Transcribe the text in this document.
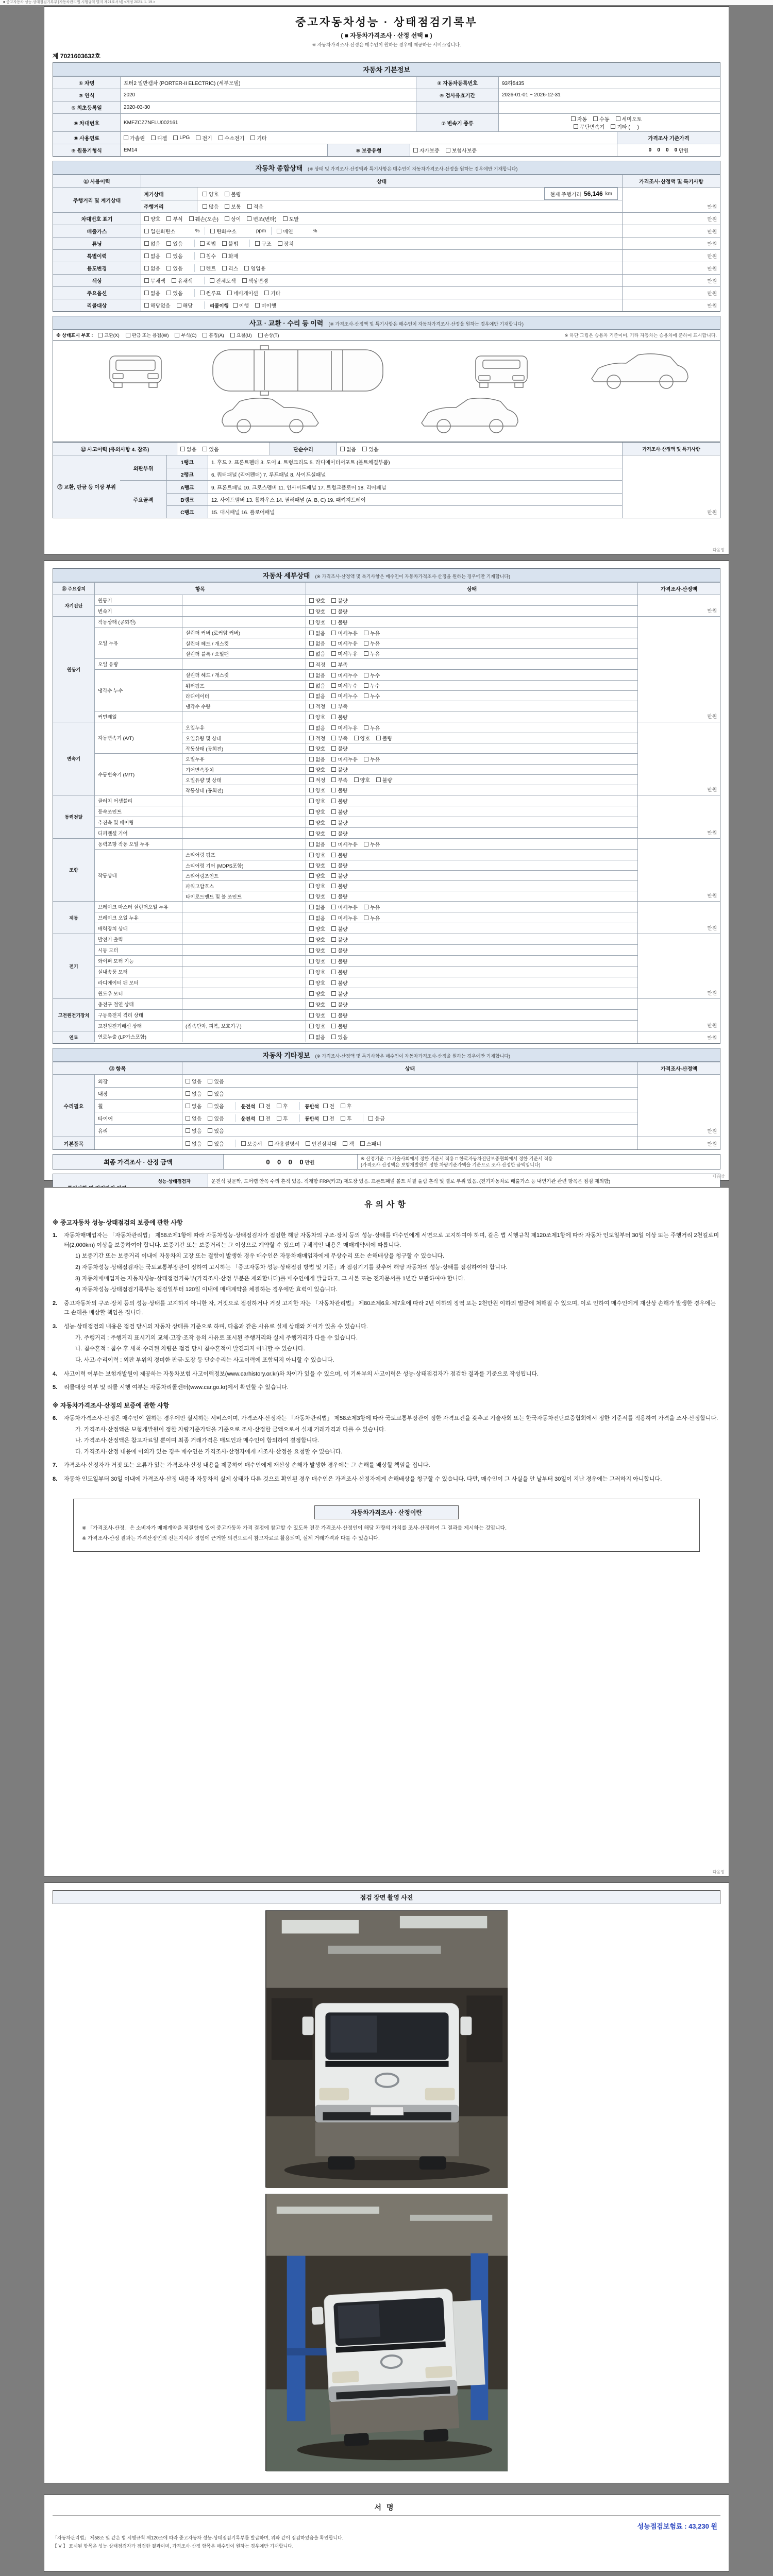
■ 중고자동차 성능·상태점검기록부 [자동차관리법 시행규칙 별지 제21호서식] <개정 2021. 1. 19.>
중고자동차성능 · 상태점검기록부
( ■ 자동차가격조사 · 산정 선택 ■ )
※ 자동차가격조사·산정은 매수인이 원하는 경우에 제공하는 서비스입니다.
제 7021603632호
자동차 기본정보
① 차명	포터2 일반캡차 (PORTER-II ELECTRIC) (세부모델)	② 자동차등록번호	93하5435
③ 연식	2020	④ 검사유효기간	2026-01-01 ~ 2026-12-31
⑤ 최초등록일	2020-03-30
⑥ 차대번호	KMFZCZ7NFLU002161	⑦ 변속기 종류
자동 수동 세미오토
무단변속기 기타 (     )
⑧ 사용연료	가솔린 디젤 LPG 전기 수소전기 기타	가격조사 기준가격
⑨ 원동기형식	EM14	⑩ 보증유형	자가보증 보험사보증	0    0    0    0
만원
자동차 종합상태 (※ 상태 및 가격조사·산정액과 특기사항은 매수인이 자동차가격조사·산정을 원하는 경우에만 기재합니다)
⑪ 사용이력	상태	가격조사·산정액 및 특기사항
주행거리 및 계기상태
계기상태	양호 불량	현재 주행거리 56,146 km
주행거리	많음 보통 적음	만원
차대번호 표기	양호 부식 훼손(오손) 상이 변조(변타) 도말	만원
배출가스	일산화탄소	%	탄화수소	ppm	매연	%	만원
튜닝	없음 있음	적법 불법	구조 장치	만원
특별이력	없음 있음	침수 화재	만원
용도변경	없음 있음	렌트 리스 영업용	만원
색상	무채색 유채색	전체도색 색상변경	만원
주요옵션	없음 있음	썬루프 네비게이션 기타	만원
리콜대상	해당없음 해당	리콜이행 이행 미이행	만원
사고 · 교환 · 수리 등 이력 (※ 가격조사·산정액 및 특기사항은 매수인이 자동차가격조사·산정을 원하는 경우에만 기재합니다)
※ 상태표시 부호 : 교환(X)	판금 또는 용접(W)	부식(C)	흠집(A)	요철(U)	손상(T)	※ 하단 그림은 승용차 기준이며, 기타 자동차는 승용차에 준하여 표시합니다.
⑫ 사고이력 (유의사항 4. 참조)	없음 있음	단순수리	없음 있음	가격조사·산정액 및 특기사항
⑬ 교환, 판금 등 이상 부위
외판부위
1랭크	1. 후드 2. 프론트펜더 3. 도어 4. 트렁크리드 5. 라디에이터서포트 (볼트체결부품)
2랭크	6. 쿼터패널 (리어펜더) 7. 루프패널 8. 사이드실패널
주요골격
A랭크	9. 프론트패널 10. 크로스멤버 11. 인사이드패널 17. 트렁크플로어 18. 리어패널
B랭크	12. 사이드멤버 13. 휠하우스 14. 필러패널 (A, B, C) 19. 패키지트레이
C랭크	15. 대시패널 16. 플로어패널	만원
다음장
자동차 세부상태 (※ 가격조사·산정액 및 특기사항은 매수인이 자동차가격조사·산정을 원하는 경우에만 기재합니다)
⑭ 주요장치	항목	상태	가격조사·산정액
자기진단
원동기	양호 불량
변속기	양호 불량	만원
원동기
작동상태 (공회전)	양호 불량
오일 누유
실린더 커버 (로커암 커버)	없음 미세누유 누유
실린더 헤드 / 개스킷	없음 미세누유 누유
실린더 블록 / 오일팬	없음 미세누유 누유
오일 유량	적정 부족
냉각수 누수
실린더 헤드 / 개스킷	없음 미세누수 누수
워터펌프	없음 미세누수 누수
라디에이터	없음 미세누수 누수
냉각수 수량	적정 부족
커먼레일	양호 불량	만원
변속기
자동변속기 (A/T)
오일누유	없음 미세누유 누유
오일유량 및 상태	적정 부족 양호 불량
작동상태 (공회전)	양호 불량
수동변속기 (M/T)
오일누유	없음 미세누유 누유
기어변속장치	양호 불량
오일유량 및 상태	적정 부족 양호 불량
작동상태 (공회전)	양호 불량	만원
동력전달
클러치 어셈블리	양호 불량
등속조인트	양호 불량
추진축 및 베어링	양호 불량
디퍼렌셜 기어	양호 불량	만원
조향
동력조향 작동 오일 누유	없음 미세누유 누유
작동상태
스티어링 펌프	양호 불량
스티어링 기어 (MDPS포함)	양호 불량
스티어링조인트	양호 불량
파워고압호스	양호 불량
타이로드엔드 및 볼 조인트	양호 불량	만원
제동
브레이크 마스터 실린더오일 누유	없음 미세누유 누유
브레이크 오일 누유	없음 미세누유 누유
배력장치 상태	양호 불량	만원
전기
발전기 출력	양호 불량
시동 모터	양호 불량
와이퍼 모터 기능	양호 불량
실내송풍 모터	양호 불량
라디에이터 팬 모터	양호 불량
윈도우 모터	양호 불량	만원
고전원전기장치
충전구 절연 상태	양호 불량
구동축전지 격리 상태	양호 불량
고전원전기배선 상태	(접속단자, 피복, 보호기구)	양호 불량	만원
연료	연료누출 (LP가스포함)	없음 있음	만원
자동차 기타정보 (※ 가격조사·산정액 및 특기사항은 매수인이 자동차가격조사·산정을 원하는 경우에만 기재합니다)
⑮ 항목	상태	가격조사·산정액
수리필요
외장	없음 있음
내장	없음 있음
휠	없음 있음	운전석 전 후	동반석 전 후
타이어	없음 있음	운전석 전 후	동반석 전 후	응급
유리	없음 있음	만원
기본품목	없음 있음	보증서 사용설명서 안전삼각대 잭 스패너	만원
최종 가격조사 · 산정 금액	0    0    0    0
만원
※ 산정기준 : □ 기술사회에서 정한 기준서 적용 □ 한국자동차진단보증협회에서 정한 기준서 적용
(가격조사·산정액은 보험개발원이 정한 차량기준가액을 기준으로 조사·산정한 금액입니다)
성능·상태점검자	운전석 뒷문짝, 도어캡 안쪽 수리 흔적 있음. 적재함 FRP(카고) 재도장 있음. 프론트패널 볼트 체결 풀림 흔적 및 결로 부위 있음. (전기자동차로 배출가스 등 내연기관 관련 항목은 점검 제외함)
다음장
유의사항
※ 중고자동차 성능·상태점검의 보증에 관한 사항
1.	자동차매매업자는 「자동차관리법」 제58조제1항에 따라 자동차성능·상태점검자가 점검한 해당 자동차의 구조·장치 등의 성능·상태를 매수인에게 서면으로 고지하여야 하며, 같은 법 시행규칙 제120조제1항에 따라 자동차 인도일부터 30일 이상 또는 주행거리 2천킬로미터(2,000km) 이상을 보증하여야 합니다. 보증기간 또는 보증거리는 그 이상으로 계약할 수 있으며 구체적인 내용은 매매계약서에 따릅니다.
1) 보증기간 또는 보증거리 이내에 자동차의 고장 또는 결함이 발생한 경우 매수인은 자동차매매업자에게 무상수리 또는 손해배상을 청구할 수 있습니다.
2) 자동차성능·상태점검자는 국토교통부장관이 정하여 고시하는 「중고자동차 성능·상태점검 방법 및 기준」과 점검기기를 갖추어 해당 자동차의 성능·상태를 점검하여야 합니다.
3) 자동차매매업자는 자동차성능·상태점검기록부(가격조사·산정 부분은 제외합니다)를 매수인에게 발급하고, 그 사본 또는 전자문서를 1년간 보관하여야 합니다.
4) 자동차성능·상태점검기록부는 점검일부터 120일 이내에 매매계약을 체결하는 경우에만 효력이 있습니다.
2.	중고자동차의 구조·장치 등의 성능·상태를 고지하지 아니한 자, 거짓으로 점검하거나 거짓 고지한 자는 「자동차관리법」 제80조제6호·제7호에 따라 2년 이하의 징역 또는 2천만원 이하의 벌금에 처해질 수 있으며, 이로 인하여 매수인에게 재산상 손해가 발생한 경우에는 그 손해를 배상할 책임을 집니다.
3.	성능·상태점검의 내용은 점검 당시의 자동차 상태를 기준으로 하며, 다음과 같은 사유로 실제 상태와 차이가 있을 수 있습니다.
가. 주행거리 : 주행거리 표시기의 교체·고장·조작 등의 사유로 표시된 주행거리와 실제 주행거리가 다를 수 있습니다.
나. 침수흔적 : 침수 후 세척·수리된 차량은 점검 당시 침수흔적이 발견되지 아니할 수 있습니다.
다. 사고·수리이력 : 외판 부위의 경미한 판금·도장 등 단순수리는 사고이력에 포함되지 아니할 수 있습니다.
4.	사고이력 여부는 보험개발원이 제공하는 자동차보험 사고이력정보(www.carhistory.or.kr)와 차이가 있을 수 있으며, 이 기록부의 사고이력은 성능·상태점검자가 점검한 결과를 기준으로 작성됩니다.
5.	리콜대상 여부 및 리콜 시행 여부는 자동차리콜센터(www.car.go.kr)에서 확인할 수 있습니다.
※ 자동차가격조사·산정의 보증에 관한 사항
6.	자동차가격조사·산정은 매수인이 원하는 경우에만 실시하는 서비스이며, 가격조사·산정자는 「자동차관리법」 제58조제3항에 따라 국토교통부장관이 정한 자격요건을 갖추고 기술사회 또는 한국자동차진단보증협회에서 정한 기준서를 적용하여 가격을 조사·산정합니다.
가. 가격조사·산정액은 보험개발원이 정한 차량기준가액을 기준으로 조사·산정한 금액으로서 실제 거래가격과 다를 수 있습니다.
나. 가격조사·산정액은 참고자료일 뿐이며 최종 거래가격은 매도인과 매수인이 합의하여 결정합니다.
다. 가격조사·산정 내용에 이의가 있는 경우 매수인은 가격조사·산정자에게 재조사·산정을 요청할 수 있습니다.
7.	가격조사·산정자가 거짓 또는 오류가 있는 가격조사·산정 내용을 제공하여 매수인에게 재산상 손해가 발생한 경우에는 그 손해를 배상할 책임을 집니다.
8.	자동차 인도일부터 30일 이내에 가격조사·산정 내용과 자동차의 실제 상태가 다른 것으로 확인된 경우 매수인은 가격조사·산정자에게 손해배상을 청구할 수 있습니다. 다만, 매수인이 그 사실을 안 날부터 30일이 지난 경우에는 그러하지 아니합니다.
자동차가격조사 · 산정이란
※ 「가격조사·산정」은 소비자가 매매계약을 체결함에 있어 중고자동차 가격 결정에 참고할 수 있도록 전문 가격조사·산정인이 해당 차량의 가치를 조사·산정하여 그 결과를 제시하는 것입니다.
※ 가격조사·산정 결과는 가격산정인의 전문지식과 경험에 근거한 의견으로서 참고자료로 활용되며, 실제 거래가격과 다를 수 있습니다.
다음장
점검 장면 촬영 사진
서명
성능점검보험료 : 43,230 원
「자동차관리법」 제58조 및 같은 법 시행규칙 제120조에 따라 중고자동차 성능·상태점검기록부를 발급하며, 위와 같이 점검하였음을 확인합니다.
【 V 】 표시된 항목은 성능·상태점검자가 점검한 결과이며, 가격조사·산정 항목은 매수인이 원하는 경우에만 기재합니다.
